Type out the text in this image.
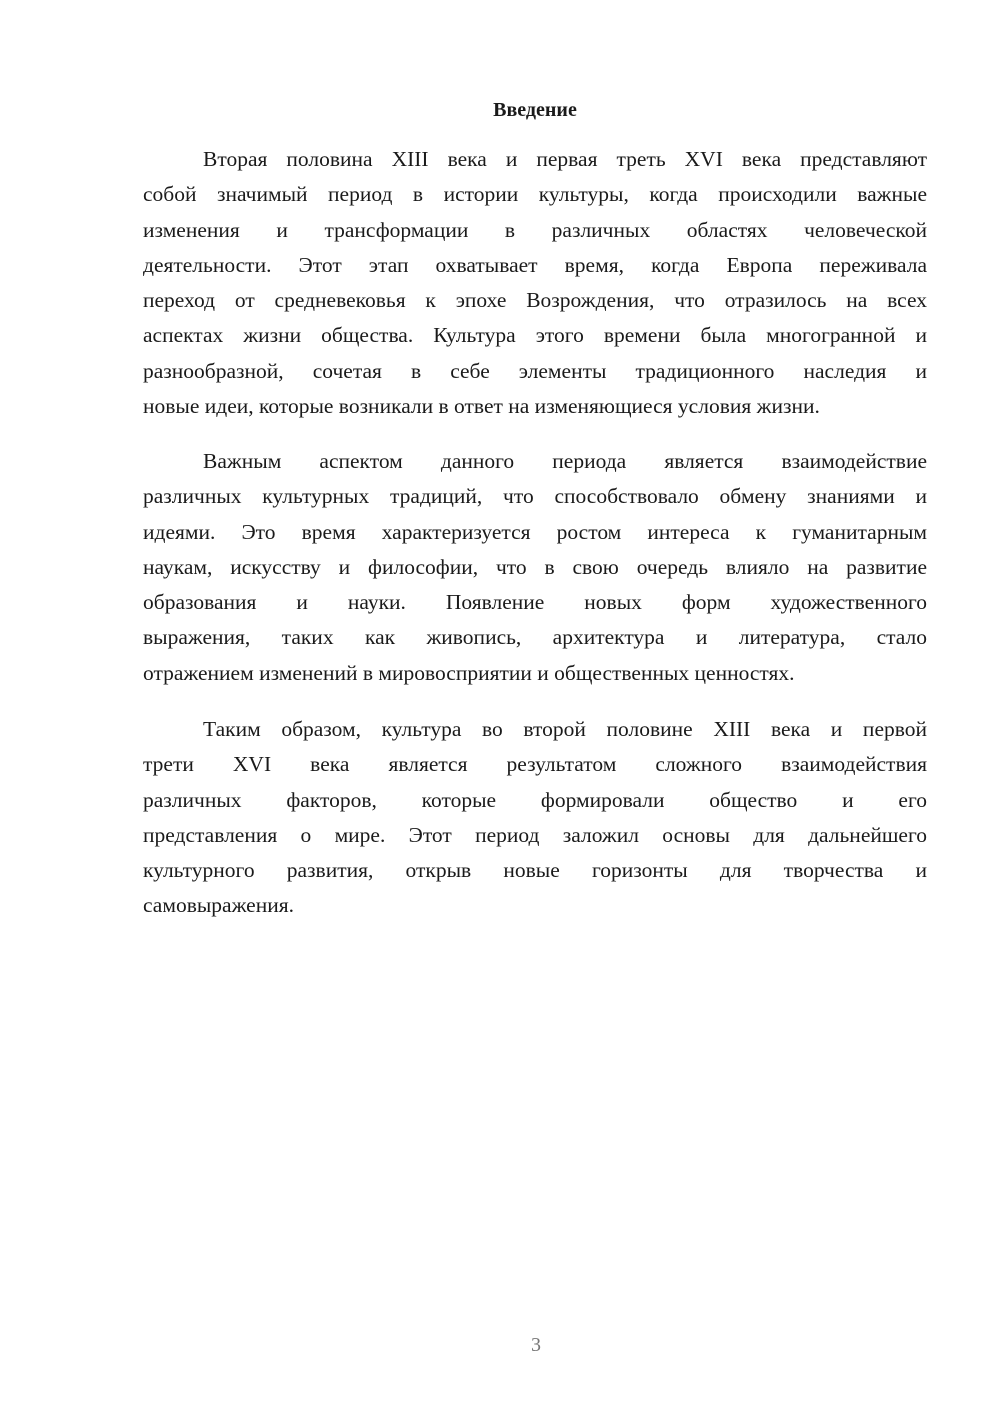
Введение
Вторая половина XIII века и первая треть XVI века представляют
собой значимый период в истории культуры, когда происходили важные
изменения и трансформации в различных областях человеческой
деятельности. Этот этап охватывает время, когда Европа переживала
переход от средневековья к эпохе Возрождения, что отразилось на всех
аспектах жизни общества. Культура этого времени была многогранной и
разнообразной, сочетая в себе элементы традиционного наследия и
новые идеи, которые возникали в ответ на изменяющиеся условия жизни.
Важным аспектом данного периода является взаимодействие
различных культурных традиций, что способствовало обмену знаниями и
идеями. Это время характеризуется ростом интереса к гуманитарным
наукам, искусству и философии, что в свою очередь влияло на развитие
образования и науки. Появление новых форм художественного
выражения, таких как живопись, архитектура и литература, стало
отражением изменений в мировосприятии и общественных ценностях.
Таким образом, культура во второй половине XIII века и первой
трети XVI века является результатом сложного взаимодействия
различных факторов, которые формировали общество и его
представления о мире. Этот период заложил основы для дальнейшего
культурного развития, открыв новые горизонты для творчества и
самовыражения.
3
